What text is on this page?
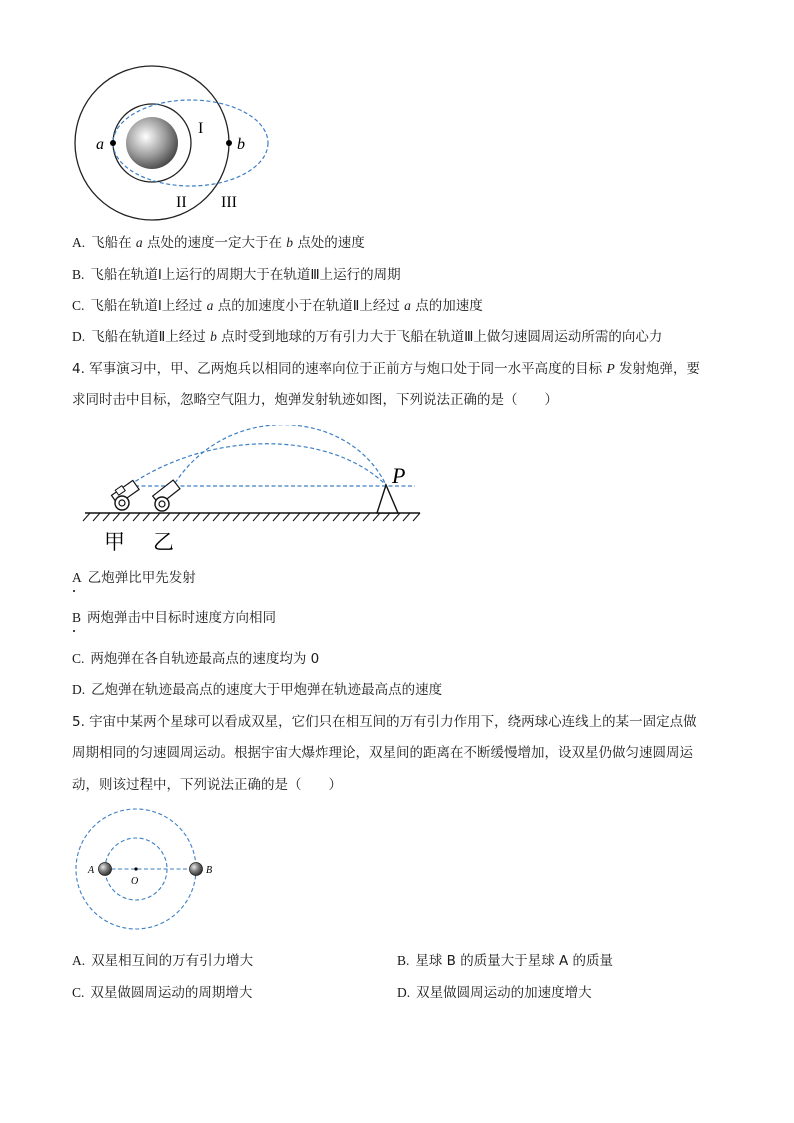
a	b
I
II III
A. 飞船在 a 点处的速度一定大于在 b 点处的速度
B. 飞船在轨道Ⅰ上运行的周期大于在轨道Ⅲ上运行的周期
C. 飞船在轨道Ⅰ上经过 a 点的加速度小于在轨道Ⅱ上经过 a 点的加速度
D. 飞船在轨道Ⅱ上经过 b 点时受到地球的万有引力大于飞船在轨道Ⅲ上做匀速圆周运动所需的向心力
4. 军事演习中，甲、乙两炮兵以相同的速率向位于正前方与炮口处于同一水平高度的目标 P 发射炮弹，要
求同时击中目标，忽略空气阻力，炮弹发射轨迹如图，下列说法正确的是（　　）
P
甲 乙
A 乙炮弹比甲先发射
B 两炮弹击中目标时速度方向相同
C. 两炮弹在各自轨迹最高点的速度均为 0
D. 乙炮弹在轨迹最高点的速度大于甲炮弹在轨迹最高点的速度
5. 宇宙中某两个星球可以看成双星，它们只在相互间的万有引力作用下，绕两球心连线上的某一固定点做
周期相同的匀速圆周运动。根据宇宙大爆炸理论，双星间的距离在不断缓慢增加，设双星仍做匀速圆周运
动，则该过程中，下列说法正确的是（　　）
A
O
B
A. 双星相互间的万有引力增大	B. 星球 B 的质量大于星球 A 的质量
C. 双星做圆周运动的周期增大	D. 双星做圆周运动的加速度增大
